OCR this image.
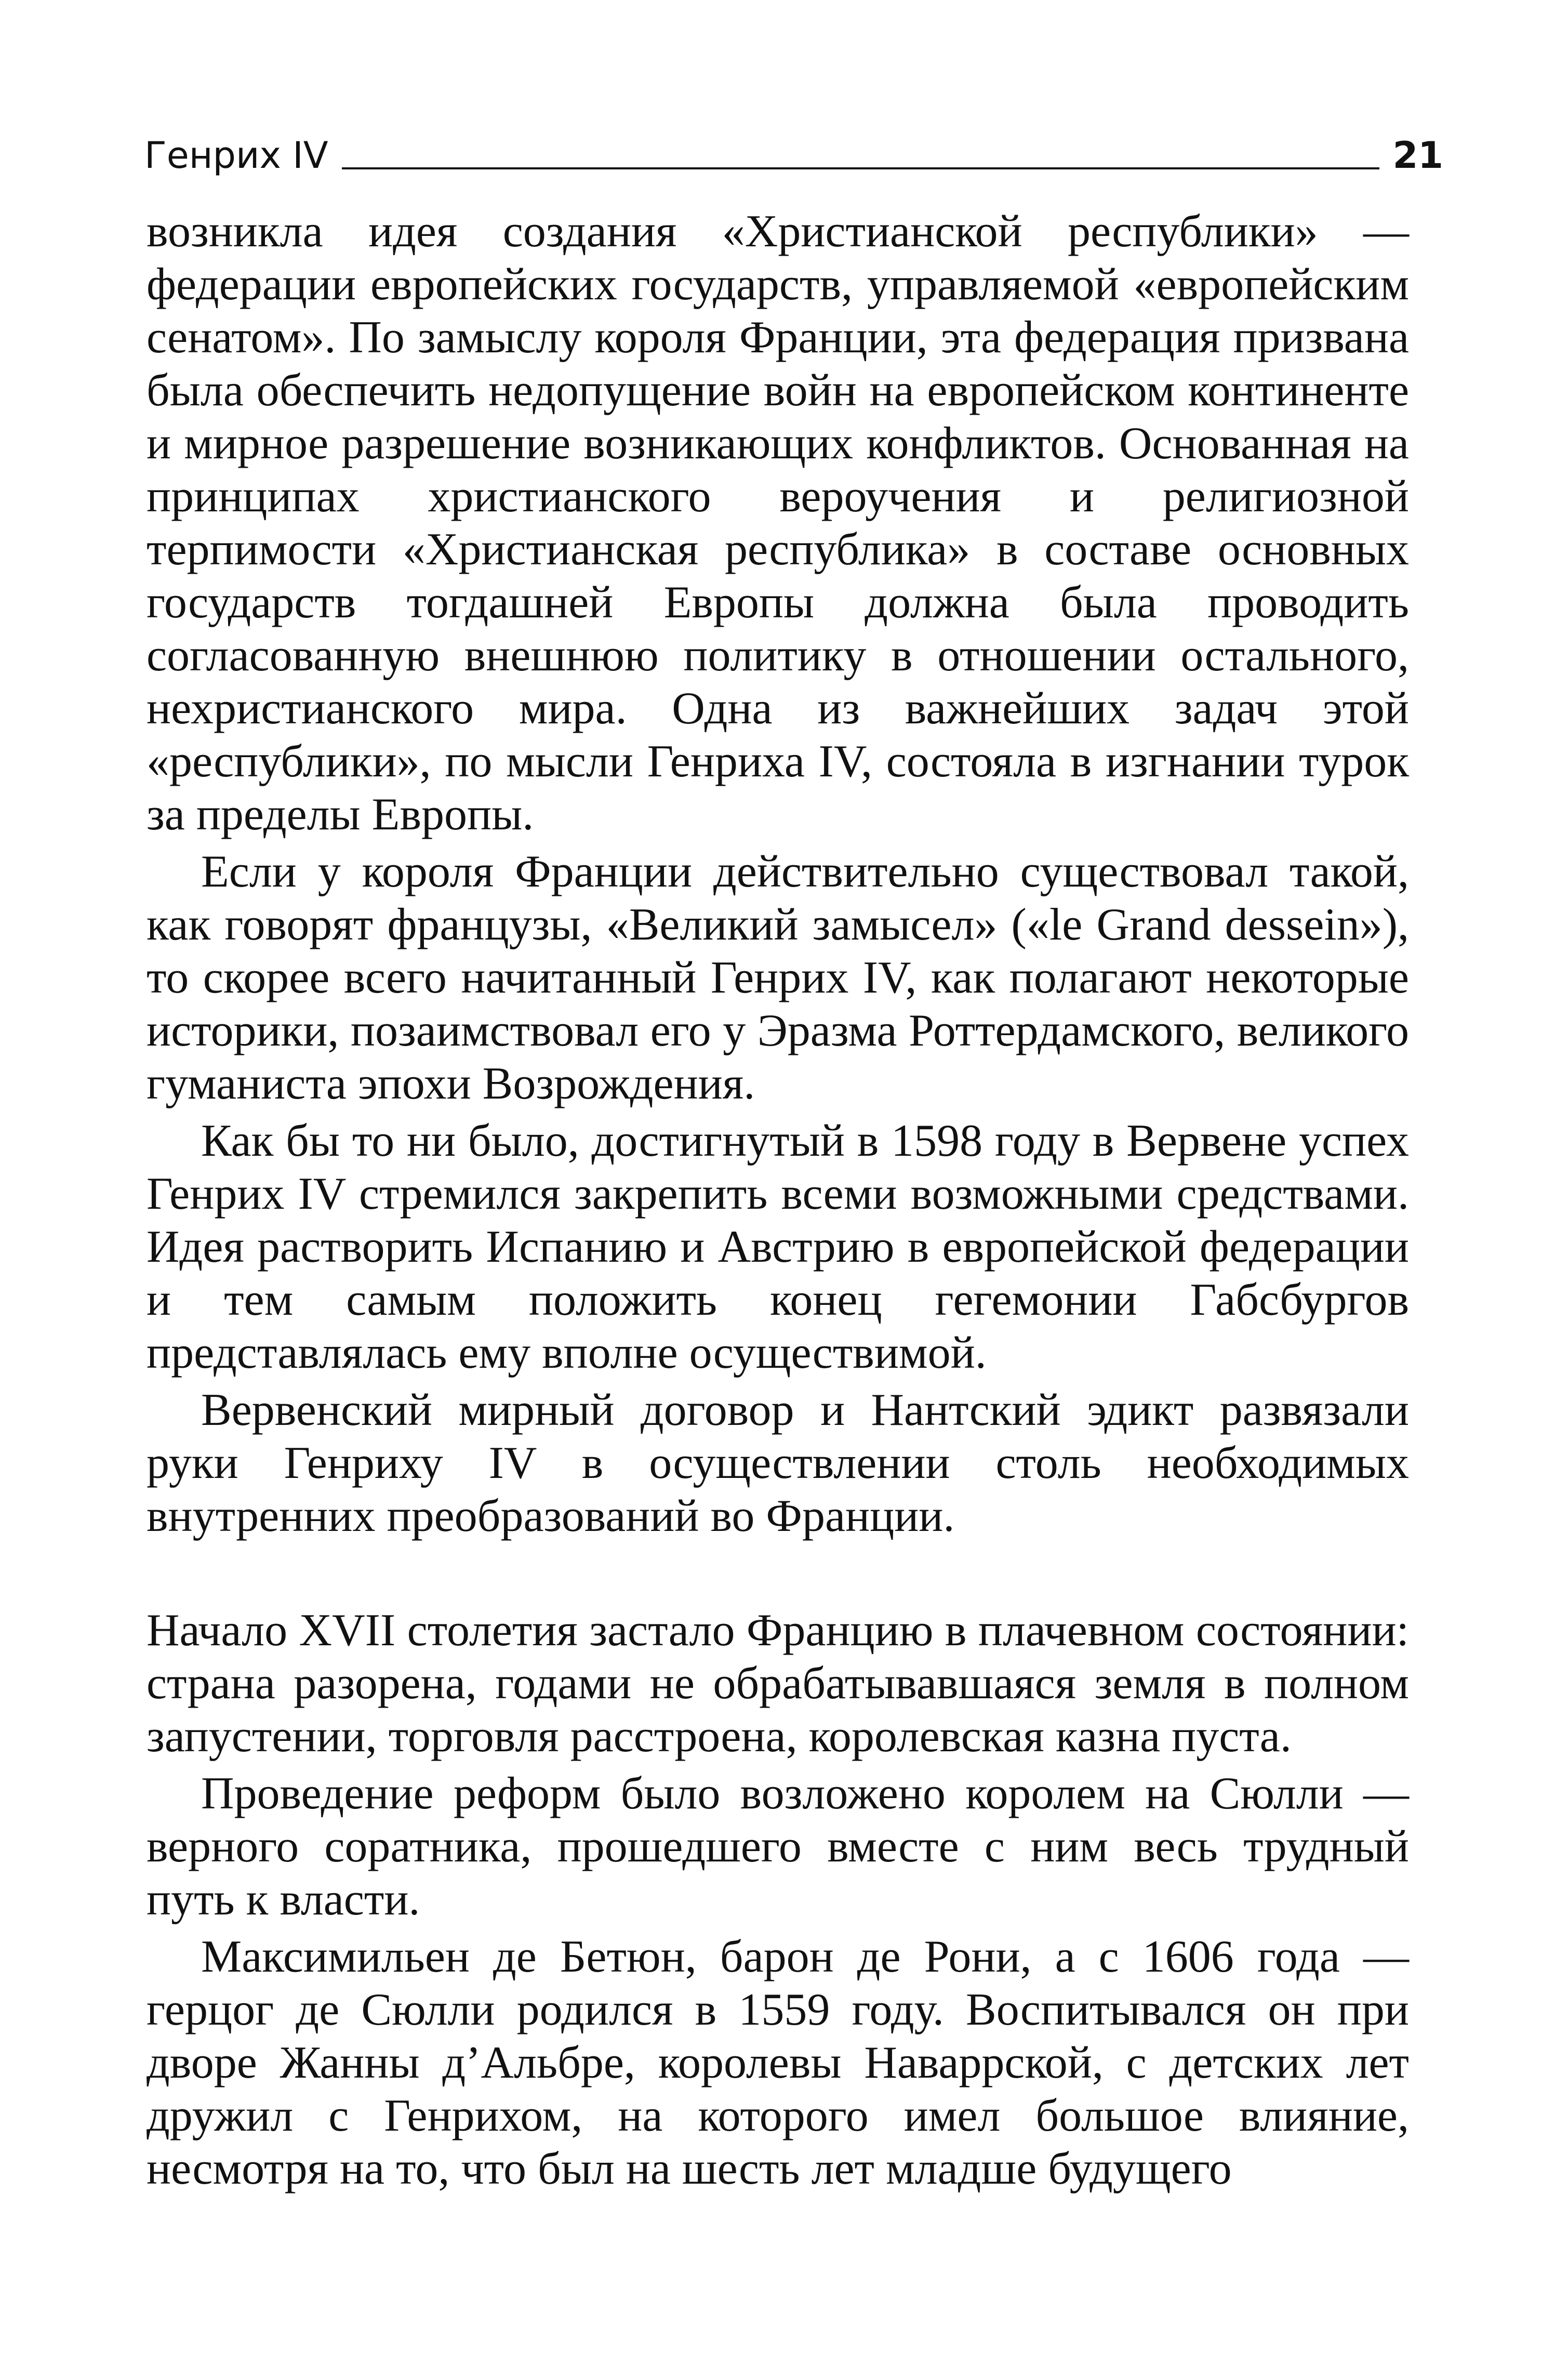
Генрих IV	21

возникла идея создания «Христианской республики» — федерации европейских государств, управляемой «европейским сенатом». По замыслу короля Франции, эта федерация призвана была обеспечить недопущение войн на европейском континенте и мирное разрешение возникающих конфликтов. Основанная на принципах христианского вероучения и религиозной терпимости «Христианская республика» в составе основных государств тогдашней Европы должна была проводить согласованную внешнюю политику в отношении остального, нехристианского мира. Одна из важнейших задач этой «республики», по мысли Генриха IV, состояла в изгнании турок за пределы Европы.

Если у короля Франции действительно существовал такой, как говорят французы, «Великий замысел» («le Grand dessein»), то скорее всего начитанный Генрих IV, как полагают некоторые историки, позаимствовал его у Эразма Роттердамского, великого гуманиста эпохи Возрождения.

Как бы то ни было, достигнутый в 1598 году в Вервене успех Генрих IV стремился закрепить всеми возможными средствами. Идея растворить Испанию и Австрию в европейской федерации и тем самым положить конец гегемонии Габсбургов представлялась ему вполне осуществимой.

Вервенский мирный договор и Нантский эдикт развязали руки Генриху IV в осуществлении столь необходимых внутренних преобразований во Франции.

Начало XVII столетия застало Францию в плачевном состоянии: страна разорена, годами не обрабатывавшаяся земля в полном запустении, торговля расстроена, королевская казна пуста.

Проведение реформ было возложено королем на Сюлли — верного соратника, прошедшего вместе с ним весь трудный путь к власти.

Максимильен де Бетюн, барон де Рони, а с 1606 года — герцог де Сюлли родился в 1559 году. Воспитывался он при дворе Жанны д’Альбре, королевы Наваррской, с детских лет дружил с Генрихом, на которого имел большое влияние, несмотря на то, что был на шесть лет младше будущего
